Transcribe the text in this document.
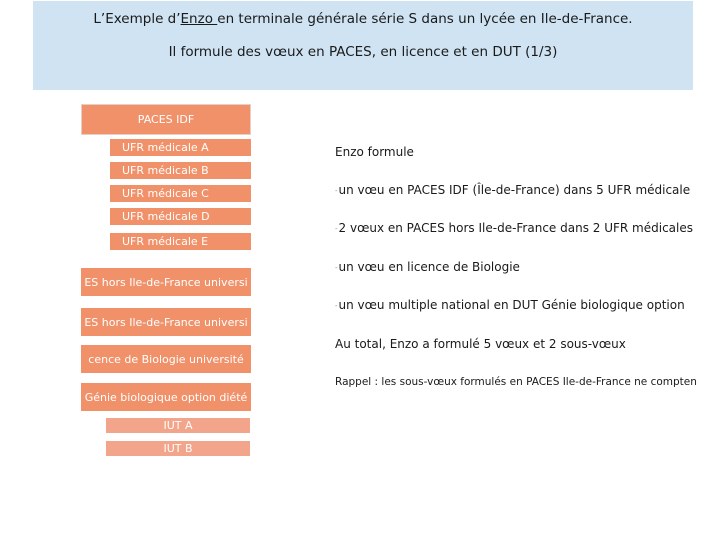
L’Exemple d’Enzo en terminale générale série S dans un lycée en Ile-de-France.
Il formule des vœux en PACES, en licence et en DUT (1/3)
PACES IDF
UFR médicale A
UFR médicale B
UFR médicale C
UFR médicale D
UFR médicale E
ES hors Ile-de-France universi
ES hors Ile-de-France universi
cence de Biologie université
Génie biologique option diété
IUT A
IUT B
Enzo formule
-un vœu en PACES IDF (Île-de-France) dans 5 UFR médicale
-2 vœux en PACES hors Ile-de-France dans 2 UFR médicales
-un vœu en licence de Biologie
-un vœu multiple national en DUT Génie biologique option
Au total, Enzo a formulé 5 vœux et 2 sous-vœux
Rappel : les sous-vœux formulés en PACES Ile-de-France ne compten
